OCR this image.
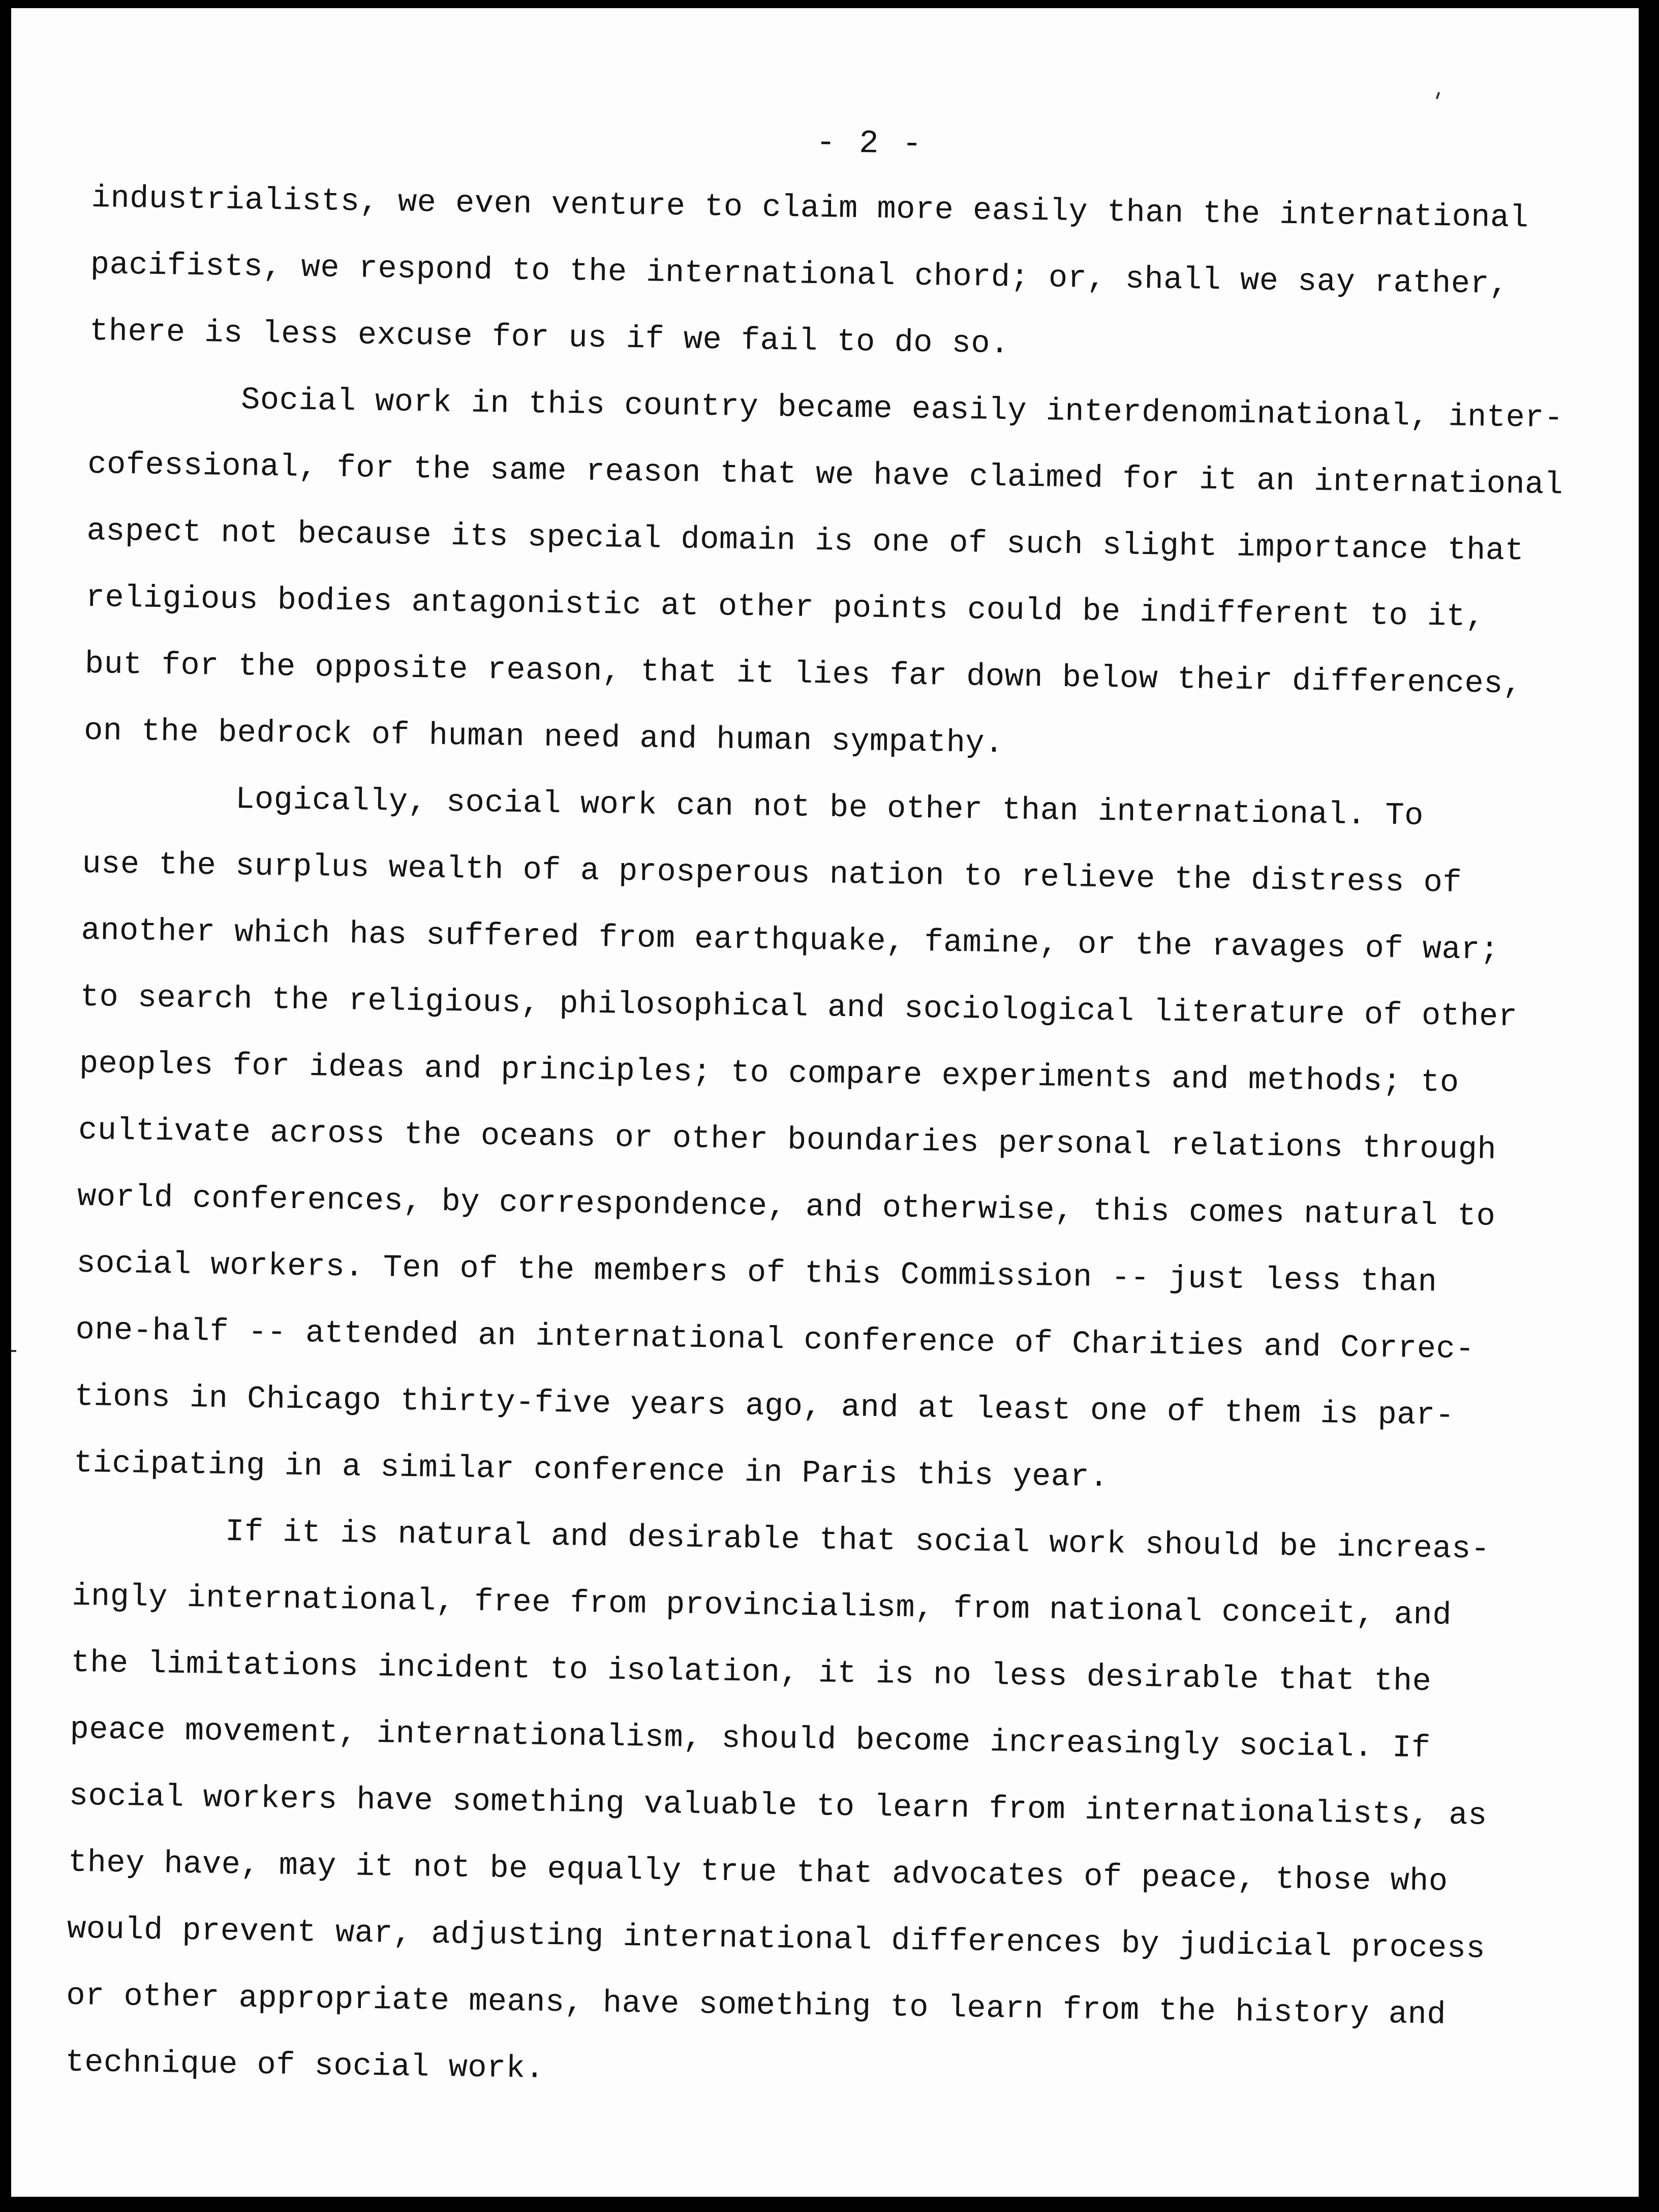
- 2 -
industrialists, we even venture to claim more easily than the international
pacifists, we respond to the international chord; or, shall we say rather,
there is less excuse for us if we fail to do so.
Social work in this country became easily interdenominational, inter-
cofessional, for the same reason that we have claimed for it an international
aspect not because its special domain is one of such slight importance that
religious bodies antagonistic at other points could be indifferent to it,
but for the opposite reason, that it lies far down below their differences,
on the bedrock of human need and human sympathy.
Logically, social work can not be other than international. To
use the surplus wealth of a prosperous nation to relieve the distress of
another which has suffered from earthquake, famine, or the ravages of war;
to search the religious, philosophical and sociological literature of other
peoples for ideas and principles; to compare experiments and methods; to
cultivate across the oceans or other boundaries personal relations through
world conferences, by correspondence, and otherwise, this comes natural to
social workers. Ten of the members of this Commission -- just less than
one-half -- attended an international conference of Charities and Correc-
tions in Chicago thirty-five years ago, and at least one of them is par-
ticipating in a similar conference in Paris this year.
If it is natural and desirable that social work should be increas-
ingly international, free from provincialism, from national conceit, and
the limitations incident to isolation, it is no less desirable that the
peace movement, internationalism, should become increasingly social. If
social workers have something valuable to learn from internationalists, as
they have, may it not be equally true that advocates of peace, those who
would prevent war, adjusting international differences by judicial process
or other appropriate means, have something to learn from the history and
technique of social work.
